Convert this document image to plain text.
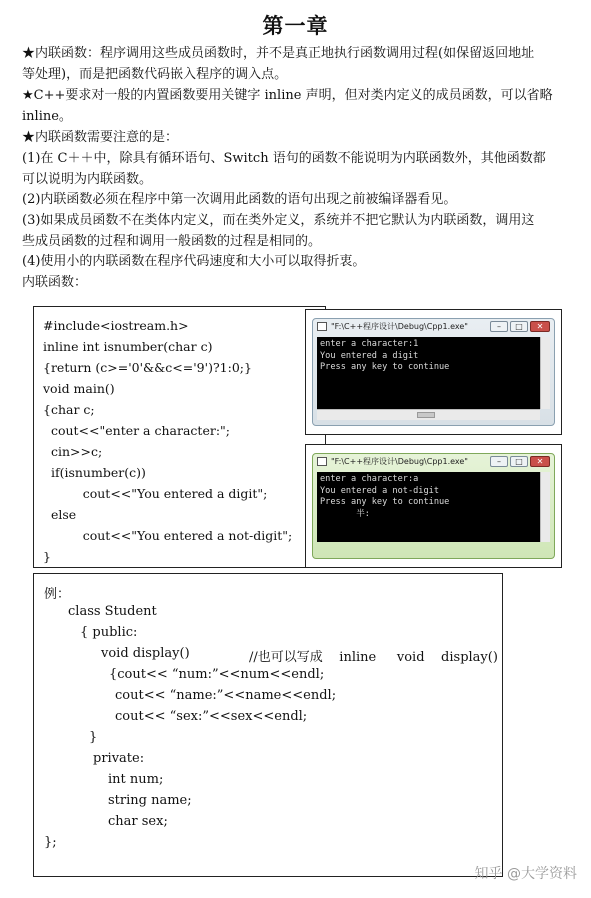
第一章
★内联函数：程序调用这些成员函数时，并不是真正地执行函数调用过程(如保留返回地址
等处理)，而是把函数代码嵌入程序的调入点。
★C++要求对一般的内置函数要用关键字 inline 声明，但对类内定义的成员函数，可以省略
inline。
★内联函数需要注意的是：
(1)在 C＋＋中，除具有循环语句、Switch 语句的函数不能说明为内联函数外，其他函数都
可以说明为内联函数。
(2)内联函数必须在程序中第一次调用此函数的语句出现之前被编译器看见。
(3)如果成员函数不在类体内定义，而在类外定义，系统并不把它默认为内联函数，调用这
些成员函数的过程和调用一般函数的过程是相同的。
(4)使用小的内联函数在程序代码速度和大小可以取得折衷。
内联函数：
#include<iostream.h>
inline int isnumber(char c)
{return (c>='0'&&c<='9')?1:0;}
void main()
{char c;
cout<<"enter a character:";
cin>>c;
if(isnumber(c))
cout<<"You entered a digit";
else
cout<<"You entered a not-digit";
}
"F:\C++程序设计\Debug\Cpp1.exe"	–	□	✕
enter a character:1
You entered a digit
Press any key to continue
"F:\C++程序设计\Debug\Cpp1.exe"	–	□	✕
enter a character:a
You entered a not-digit
Press any key to continue
半:
例：
class Student
{ public:
void display()	//也可以写成    inline     void    display()
{cout<< “num:”<<num<<endl;
cout<< “name:”<<name<<endl;
cout<< “sex:”<<sex<<endl;
}
private:
int num;
string name;
char sex;
};
知乎 @大学资料
